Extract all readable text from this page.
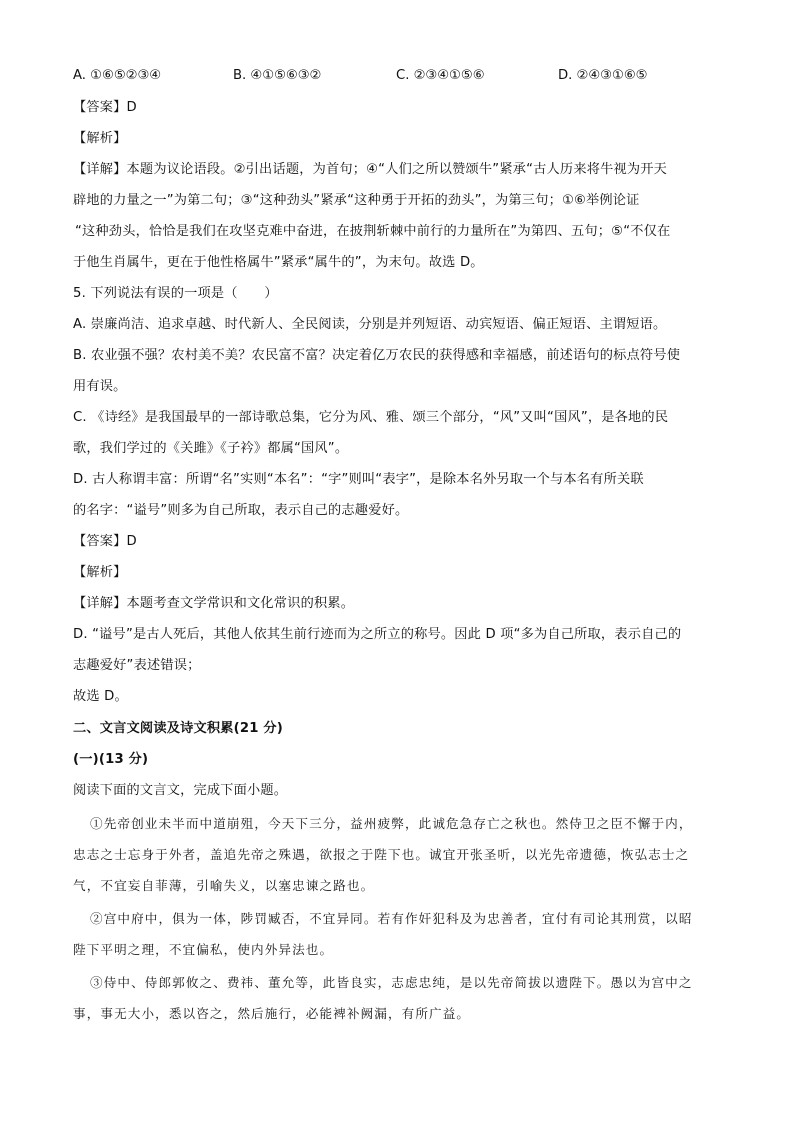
A. ①⑥⑤②③④	B. ④①⑤⑥③②	C. ②③④①⑤⑥	D. ②④③①⑥⑤
【答案】D
【解析】
【详解】本题为议论语段。②引出话题，为首句；④“人们之所以赞颂牛”紧承“古人历来将牛视为开天
辟地的力量之一”为第二句；③“这种劲头”紧承“这种勇于开拓的劲头”，为第三句；①⑥举例论证
“这种劲头，恰恰是我们在攻坚克难中奋进，在披荆斩棘中前行的力量所在”为第四、五句；⑤“不仅在
于他生肖属牛，更在于他性格属牛”紧承“属牛的”，为末句。故选 D。
5. 下列说法有误的一项是（　　）
A. 崇廉尚洁、追求卓越、时代新人、全民阅读，分别是并列短语、动宾短语、偏正短语、主谓短语。
B. 农业强不强？农村美不美？农民富不富？决定着亿万农民的获得感和幸福感，前述语句的标点符号使
用有误。
C. 《诗经》是我国最早的一部诗歌总集，它分为风、雅、颂三个部分，“风”又叫“国风”，是各地的民
歌，我们学过的《关雎》《子衿》都属“国风”。
D. 古人称谓丰富：所谓“名”实则“本名”：“字”则叫“表字”，是除本名外另取一个与本名有所关联
的名字：“谥号”则多为自己所取，表示自己的志趣爱好。
【答案】D
【解析】
【详解】本题考查文学常识和文化常识的积累。
D. “谥号”是古人死后，其他人依其生前行迹而为之所立的称号。因此 D 项“多为自己所取，表示自己的
志趣爱好”表述错误；
故选 D。
二、文言文阅读及诗文积累(21 分)
(一)(13 分)
阅读下面的文言文，完成下面小题。
①先帝创业未半而中道崩殂，今天下三分，益州疲弊，此诚危急存亡之秋也。然侍卫之臣不懈于内，
忠志之士忘身于外者，盖追先帝之殊遇，欲报之于陛下也。诚宜开张圣听，以光先帝遗德，恢弘志士之
气，不宜妄自菲薄，引喻失义，以塞忠谏之路也。
②宫中府中，俱为一体，陟罚臧否，不宜异同。若有作奸犯科及为忠善者，宜付有司论其刑赏，以昭
陛下平明之理，不宜偏私，使内外异法也。
③侍中、侍郎郭攸之、费祎、董允等，此皆良实，志虑忠纯，是以先帝简拔以遗陛下。愚以为宫中之
事，事无大小，悉以咨之，然后施行，必能裨补阙漏，有所广益。
